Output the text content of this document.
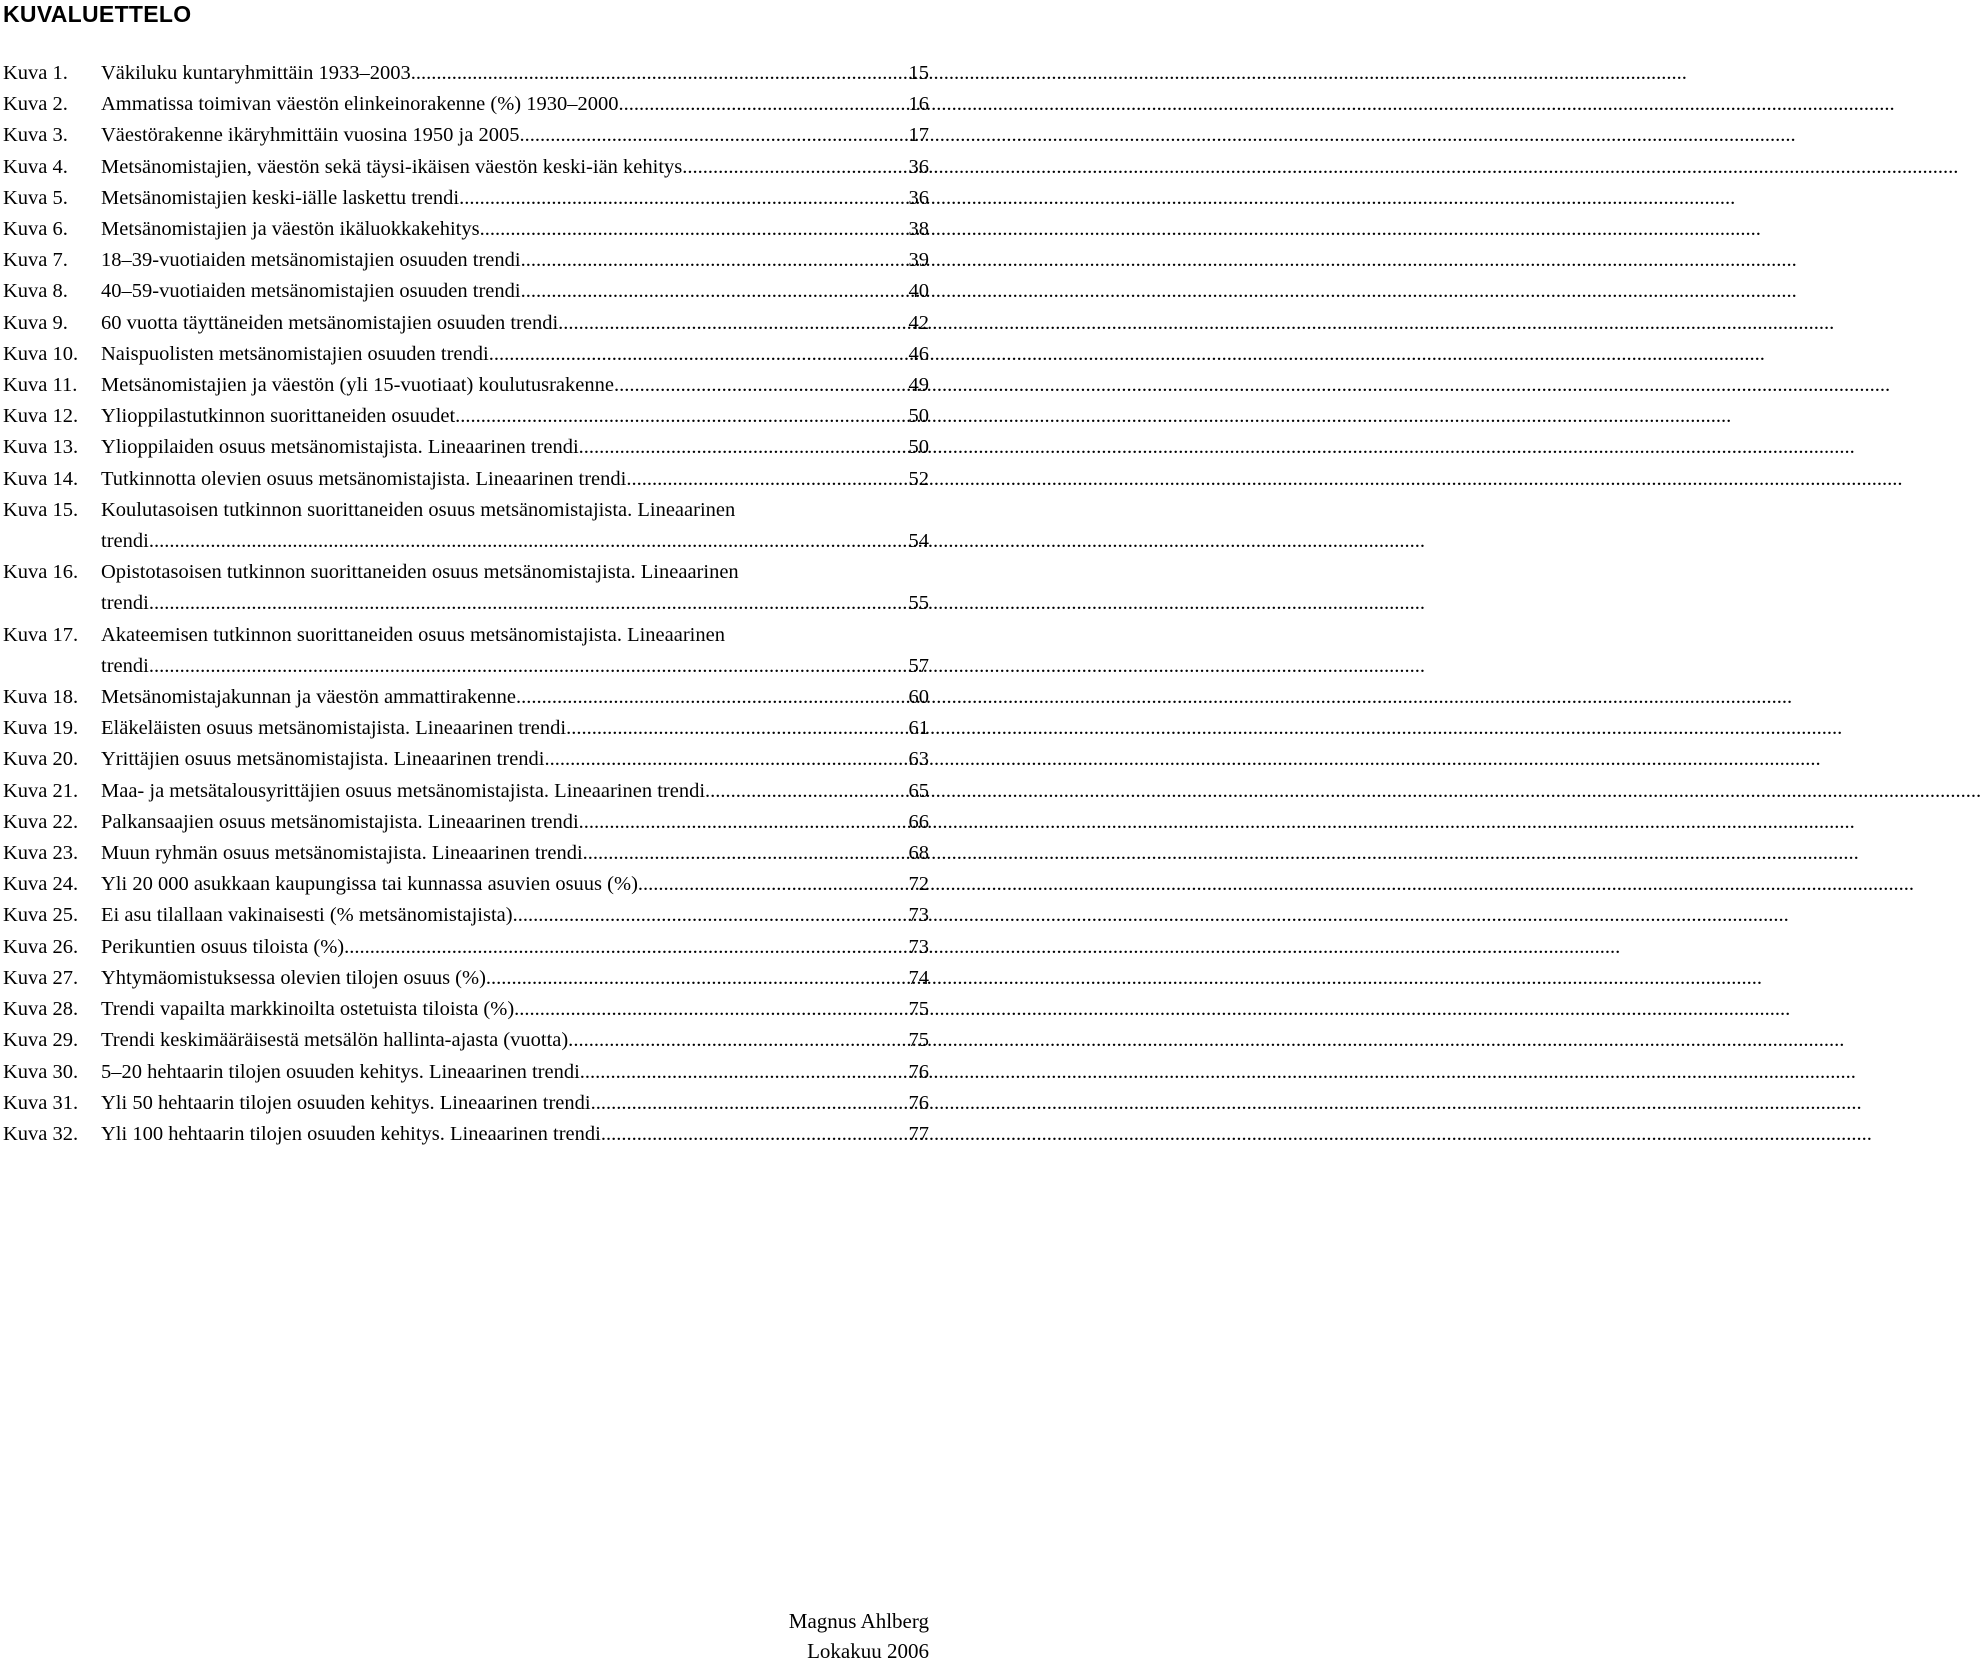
KUVALUETTELO
Kuva 1.	Väkiluku kuntaryhmittäin 1933–2003. .....	15
Kuva 2.	Ammatissa toimivan väestön elinkeinorakenne (%) 1930–2000. .....	16
Kuva 3.	Väestörakenne ikäryhmittäin vuosina 1950 ja 2005. .....	17
Kuva 4.	Metsänomistajien, väestön sekä täysi-ikäisen väestön keski-iän kehitys. .....	36
Kuva 5.	Metsänomistajien keski-iälle laskettu trendi. .....	36
Kuva 6.	Metsänomistajien ja väestön ikäluokkakehitys.. .....	38
Kuva 7.	18–39-vuotiaiden metsänomistajien osuuden trendi. .....	39
Kuva 8.	40–59-vuotiaiden metsänomistajien osuuden trendi. .....	40
Kuva 9.	60 vuotta täyttäneiden metsänomistajien osuuden trendi. .....	42
Kuva 10.	Naispuolisten metsänomistajien osuuden trendi. .....	46
Kuva 11.	Metsänomistajien ja väestön (yli 15-vuotiaat) koulutusrakenne. .....	49
Kuva 12.	Ylioppilastutkinnon suorittaneiden osuudet. .....	50
Kuva 13.	Ylioppilaiden osuus metsänomistajista. Lineaarinen trendi. .....	50
Kuva 14.	Tutkinnotta olevien osuus metsänomistajista. Lineaarinen trendi. .....	52
Kuva 15.	Koulutasoisen tutkinnon suorittaneiden osuus metsänomistajista. Lineaarinen
trendi. .....	54
Kuva 16.	Opistotasoisen tutkinnon suorittaneiden osuus metsänomistajista. Lineaarinen
trendi. .....	55
Kuva 17.	Akateemisen tutkinnon suorittaneiden osuus metsänomistajista. Lineaarinen
trendi. .....	57
Kuva 18.	Metsänomistajakunnan ja väestön ammattirakenne. .....	60
Kuva 19.	Eläkeläisten osuus metsänomistajista. Lineaarinen trendi. .....	61
Kuva 20.	Yrittäjien osuus metsänomistajista. Lineaarinen trendi. .....	63
Kuva 21.	Maa- ja metsätalousyrittäjien osuus metsänomistajista. Lineaarinen trendi. .....	65
Kuva 22.	Palkansaajien osuus metsänomistajista. Lineaarinen trendi. .....	66
Kuva 23.	Muun ryhmän osuus metsänomistajista. Lineaarinen trendi. .....	68
Kuva 24.	Yli 20 000 asukkaan kaupungissa tai kunnassa asuvien osuus (%). .....	72
Kuva 25.	Ei asu tilallaan vakinaisesti (% metsänomistajista). .....	73
Kuva 26.	Perikuntien osuus tiloista (%). .....	73
Kuva 27.	Yhtymäomistuksessa olevien tilojen osuus (%). .....	74
Kuva 28.	Trendi vapailta markkinoilta ostetuista tiloista (%). .....	75
Kuva 29.	Trendi keskimääräisestä metsälön hallinta-ajasta (vuotta). .....	75
Kuva 30.	5–20 hehtaarin tilojen osuuden kehitys. Lineaarinen trendi. .....	76
Kuva 31.	Yli 50 hehtaarin tilojen osuuden kehitys. Lineaarinen trendi .....	76
Kuva 32.	Yli 100 hehtaarin tilojen osuuden kehitys. Lineaarinen trendi .....	77
Magnus Ahlberg
Lokakuu 2006
